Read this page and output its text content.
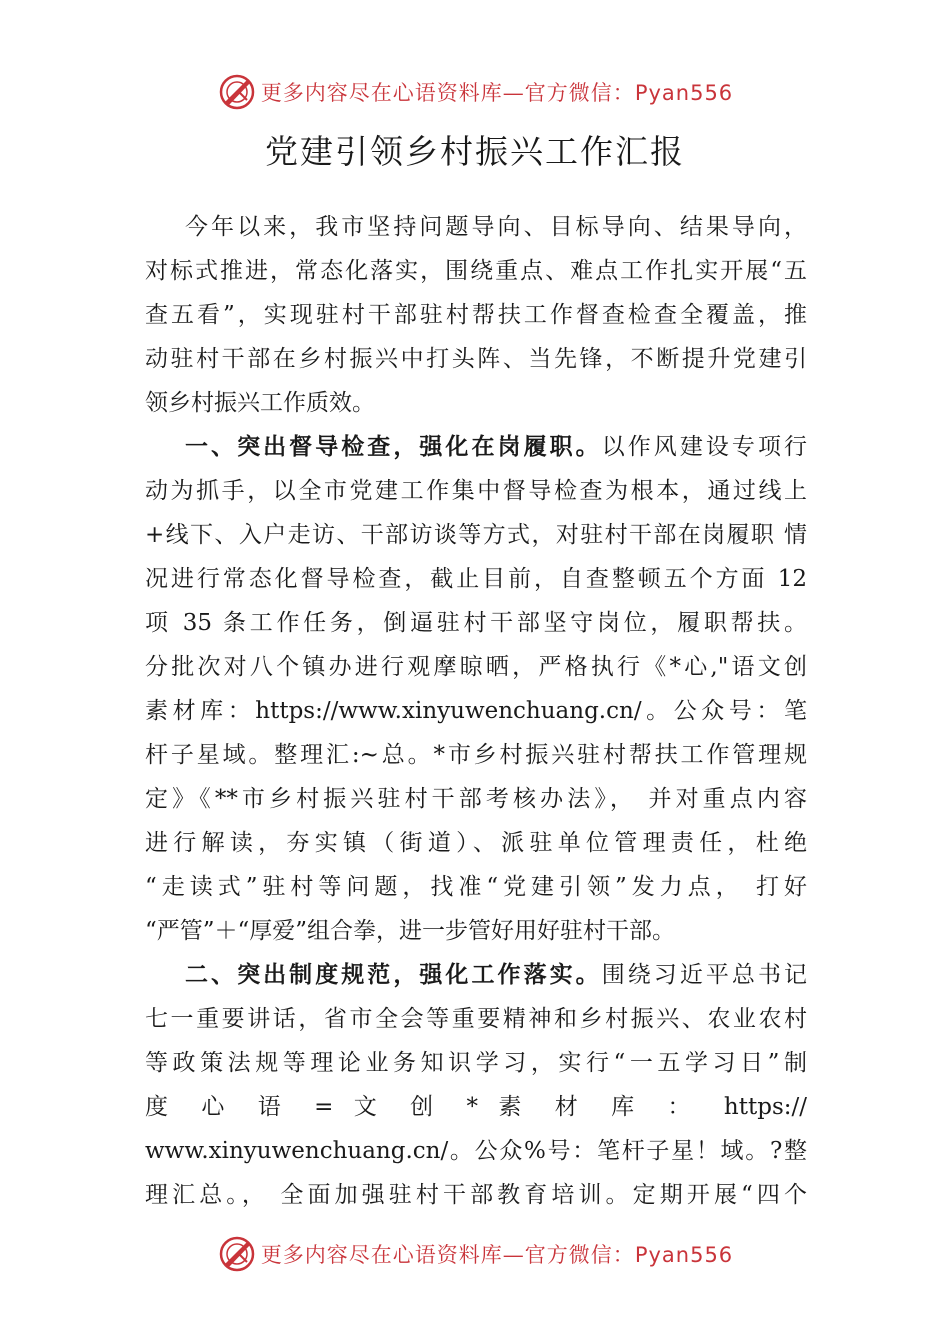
更多内容尽在心语资料库—官方微信：Pyan556
党建引领乡村振兴工作汇报
今年以来，我市坚持问题导向、目标导向、结果导向，
对标式推进，常态化落实，围绕重点、难点工作扎实开展“五
查五看”，实现驻村干部驻村帮扶工作督查检查全覆盖，推
动驻村干部在乡村振兴中打头阵、当先锋，不断提升党建引
领乡村振兴工作质效。
一、突出督导检查，强化在岗履职。以作风建设专项行
动为抓手，以全市党建工作集中督导检查为根本，通过线上
+线下、入户走访、干部访谈等方式，对驻村干部在岗履职 情
况进行常态化督导检查，截止目前，自查整顿五个方面 12
项 35 条工作任务，倒逼驻村干部坚守岗位，履职帮扶。
分批次对八个镇办进行观摩晾晒，严格执行《*心,"语文创
素材库：https://www.xinyuwenchuang.cn/。公众号：笔
杆子星域。整理汇:~总。*市乡村振兴驻村帮扶工作管理规
定》《**市乡村振兴驻村干部考核办法》， 并对重点内容
进行解读，夯实镇（街道）、派驻单位管理责任，杜绝
“走读式”驻村等问题，找准“党建引领”发力点， 打好
“严管”＋“厚爱”组合拳，进一步管好用好驻村干部。
二、突出制度规范，强化工作落实。围绕习近平总书记
七一重要讲话，省市全会等重要精神和乡村振兴、农业农村
等政策法规等理论业务知识学习，实行“一五学习日”制
度 心 语 = 文 创 * 素 材 库 ： https://
www.xinyuwenchuang.cn/。公众%号：笔杆子星！域。?整
理汇总。， 全面加强驻村干部教育培训。定期开展“四个
更多内容尽在心语资料库—官方微信：Pyan556
